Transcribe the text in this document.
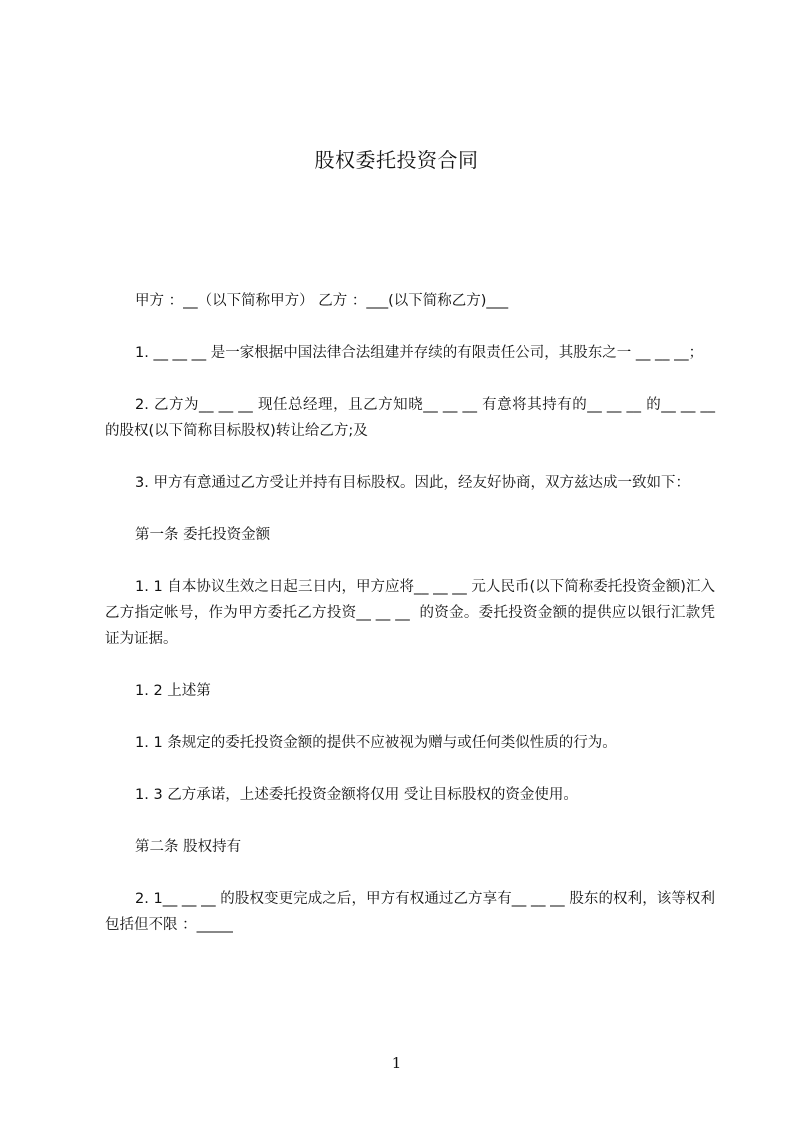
股权委托投资合同

甲方 ：__（以下简称甲方） 乙方 ：___(以下简称乙方)___

1. __ __ __ 是一家根据中国法律合法组建并存续的有限责任公司，其股东之一 __ __ __；

2. 乙方为__ __ __ 现任总经理，且乙方知晓__ __ __ 有意将其持有的__ __ __ 的__ __ __  的股权(以下简称目标股权)转让给乙方;及

3. 甲方有意通过乙方受让并持有目标股权。因此，经友好协商，双方兹达成一致如下：

第一条 委托投资金额

1. 1 自本协议生效之日起三日内，甲方应将__ __ __ 元人民币(以下简称委托投资金额)汇入乙方指定帐号，作为甲方委托乙方投资__ __ __  的资金。委托投资金额的提供应以银行汇款凭证为证据。

1. 2 上述第

1. 1 条规定的委托投资金额的提供不应被视为赠与或任何类似性质的行为。

1. 3 乙方承诺，上述委托投资金额将仅用 受让目标股权的资金使用。

第二条 股权持有

2. 1__ __ __ 的股权变更完成之后，甲方有权通过乙方享有__ __ __ 股东的权利，该等权利包括但不限 ：_____

1
